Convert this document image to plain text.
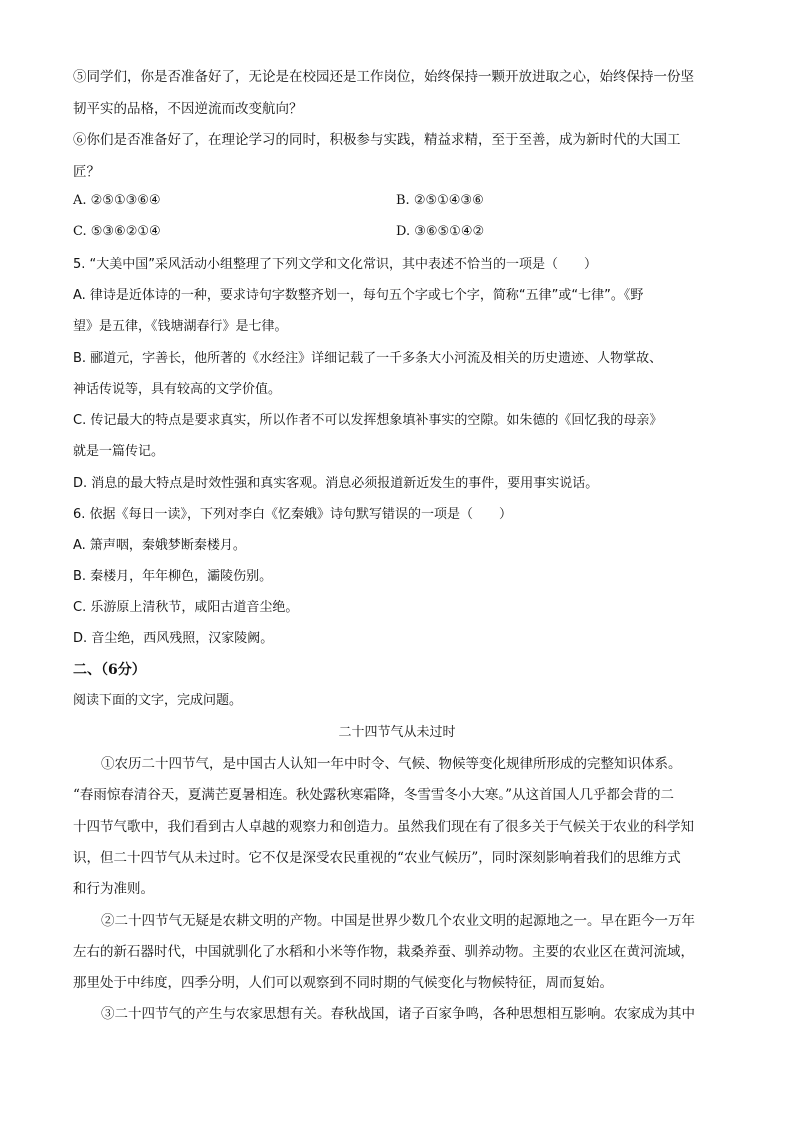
⑤同学们，你是否准备好了，无论是在校园还是工作岗位，始终保持一颗开放进取之心，始终保持一份坚
韧平实的品格，不因逆流而改变航向？
⑥你们是否准备好了，在理论学习的同时，积极参与实践，精益求精，至于至善，成为新时代的大国工
匠？
A. ②⑤①③⑥④	B. ②⑤①④③⑥
C. ⑤③⑥②①④	D. ③⑥⑤①④②
5. “大美中国”采风活动小组整理了下列文学和文化常识，其中表述不恰当的一项是（　　）
A. 律诗是近体诗的一种，要求诗句字数整齐划一，每句五个字或七个字，简称“五律”或“七律”。《野
望》是五律，《钱塘湖春行》是七律。
B. 郦道元，字善长，他所著的《水经注》详细记载了一千多条大小河流及相关的历史遗迹、人物掌故、
神话传说等，具有较高的文学价值。
C. 传记最大的特点是要求真实，所以作者不可以发挥想象填补事实的空隙。如朱德的《回忆我的母亲》
就是一篇传记。
D. 消息的最大特点是时效性强和真实客观。消息必须报道新近发生的事件，要用事实说话。
6. 依据《每日一读》，下列对李白《忆秦娥》诗句默写错误的一项是（　　）
A. 箫声咽，秦娥梦断秦楼月。
B. 秦楼月，年年柳色，灞陵伤别。
C. 乐游原上清秋节，咸阳古道音尘绝。
D. 音尘绝，西风残照，汉家陵阙。
二、（6分）
阅读下面的文字，完成问题。
二十四节气从未过时
①农历二十四节气，是中国古人认知一年中时令、气候、物候等变化规律所形成的完整知识体系。
“春雨惊春清谷天，夏满芒夏暑相连。秋处露秋寒霜降，冬雪雪冬小大寒。”从这首国人几乎都会背的二
十四节气歌中，我们看到古人卓越的观察力和创造力。虽然我们现在有了很多关于气候关于农业的科学知
识，但二十四节气从未过时。它不仅是深受农民重视的“农业气候历”，同时深刻影响着我们的思维方式
和行为准则。
②二十四节气无疑是农耕文明的产物。中国是世界少数几个农业文明的起源地之一。早在距今一万年
左右的新石器时代，中国就驯化了水稻和小米等作物，栽桑养蚕、驯养动物。主要的农业区在黄河流域，
那里处于中纬度，四季分明，人们可以观察到不同时期的气候变化与物候特征，周而复始。
③二十四节气的产生与农家思想有关。春秋战国，诸子百家争鸣，各种思想相互影响。农家成为其中
